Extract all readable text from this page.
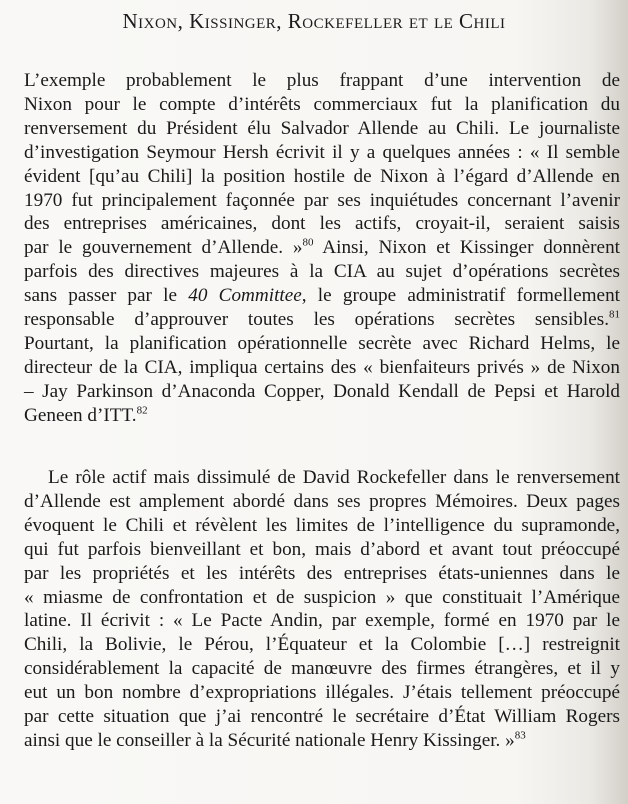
Nixon, Kissinger, Rockefeller et le Chili
L’exemple probablement le plus frappant d’une intervention de
Nixon pour le compte d’intérêts commerciaux fut la planification du
renversement du Président élu Salvador Allende au Chili. Le journaliste
d’investigation Seymour Hersh écrivit il y a quelques années : « Il semble
évident [qu’au Chili] la position hostile de Nixon à l’égard d’Allende en
1970 fut principalement façonnée par ses inquiétudes concernant l’avenir
des entreprises américaines, dont les actifs, croyait-il, seraient saisis
par le gouvernement d’Allende. »$^{80}$ Ainsi, Nixon et Kissinger donnèrent
parfois des directives majeures à la CIA au sujet d’opérations secrètes
sans passer par le 40 Committee, le groupe administratif formellement
responsable d’approuver toutes les opérations secrètes sensibles.$^{81}$
Pourtant, la planification opérationnelle secrète avec Richard Helms, le
directeur de la CIA, impliqua certains des « bienfaiteurs privés » de Nixon
– Jay Parkinson d’Anaconda Copper, Donald Kendall de Pepsi et Harold
Geneen d’ITT.$^{82}$
Le rôle actif mais dissimulé de David Rockefeller dans le renversement
d’Allende est amplement abordé dans ses propres Mémoires. Deux pages
évoquent le Chili et révèlent les limites de l’intelligence du supramonde,
qui fut parfois bienveillant et bon, mais d’abord et avant tout préoccupé
par les propriétés et les intérêts des entreprises états-uniennes dans le
« miasme de confrontation et de suspicion » que constituait l’Amérique
latine. Il écrivit : « Le Pacte Andin, par exemple, formé en 1970 par le
Chili, la Bolivie, le Pérou, l’Équateur et la Colombie […] restreignit
considérablement la capacité de manœuvre des firmes étrangères, et il y
eut un bon nombre d’expropriations illégales. J’étais tellement préoccupé
par cette situation que j’ai rencontré le secrétaire d’État William Rogers
ainsi que le conseiller à la Sécurité nationale Henry Kissinger. »$^{83}$
